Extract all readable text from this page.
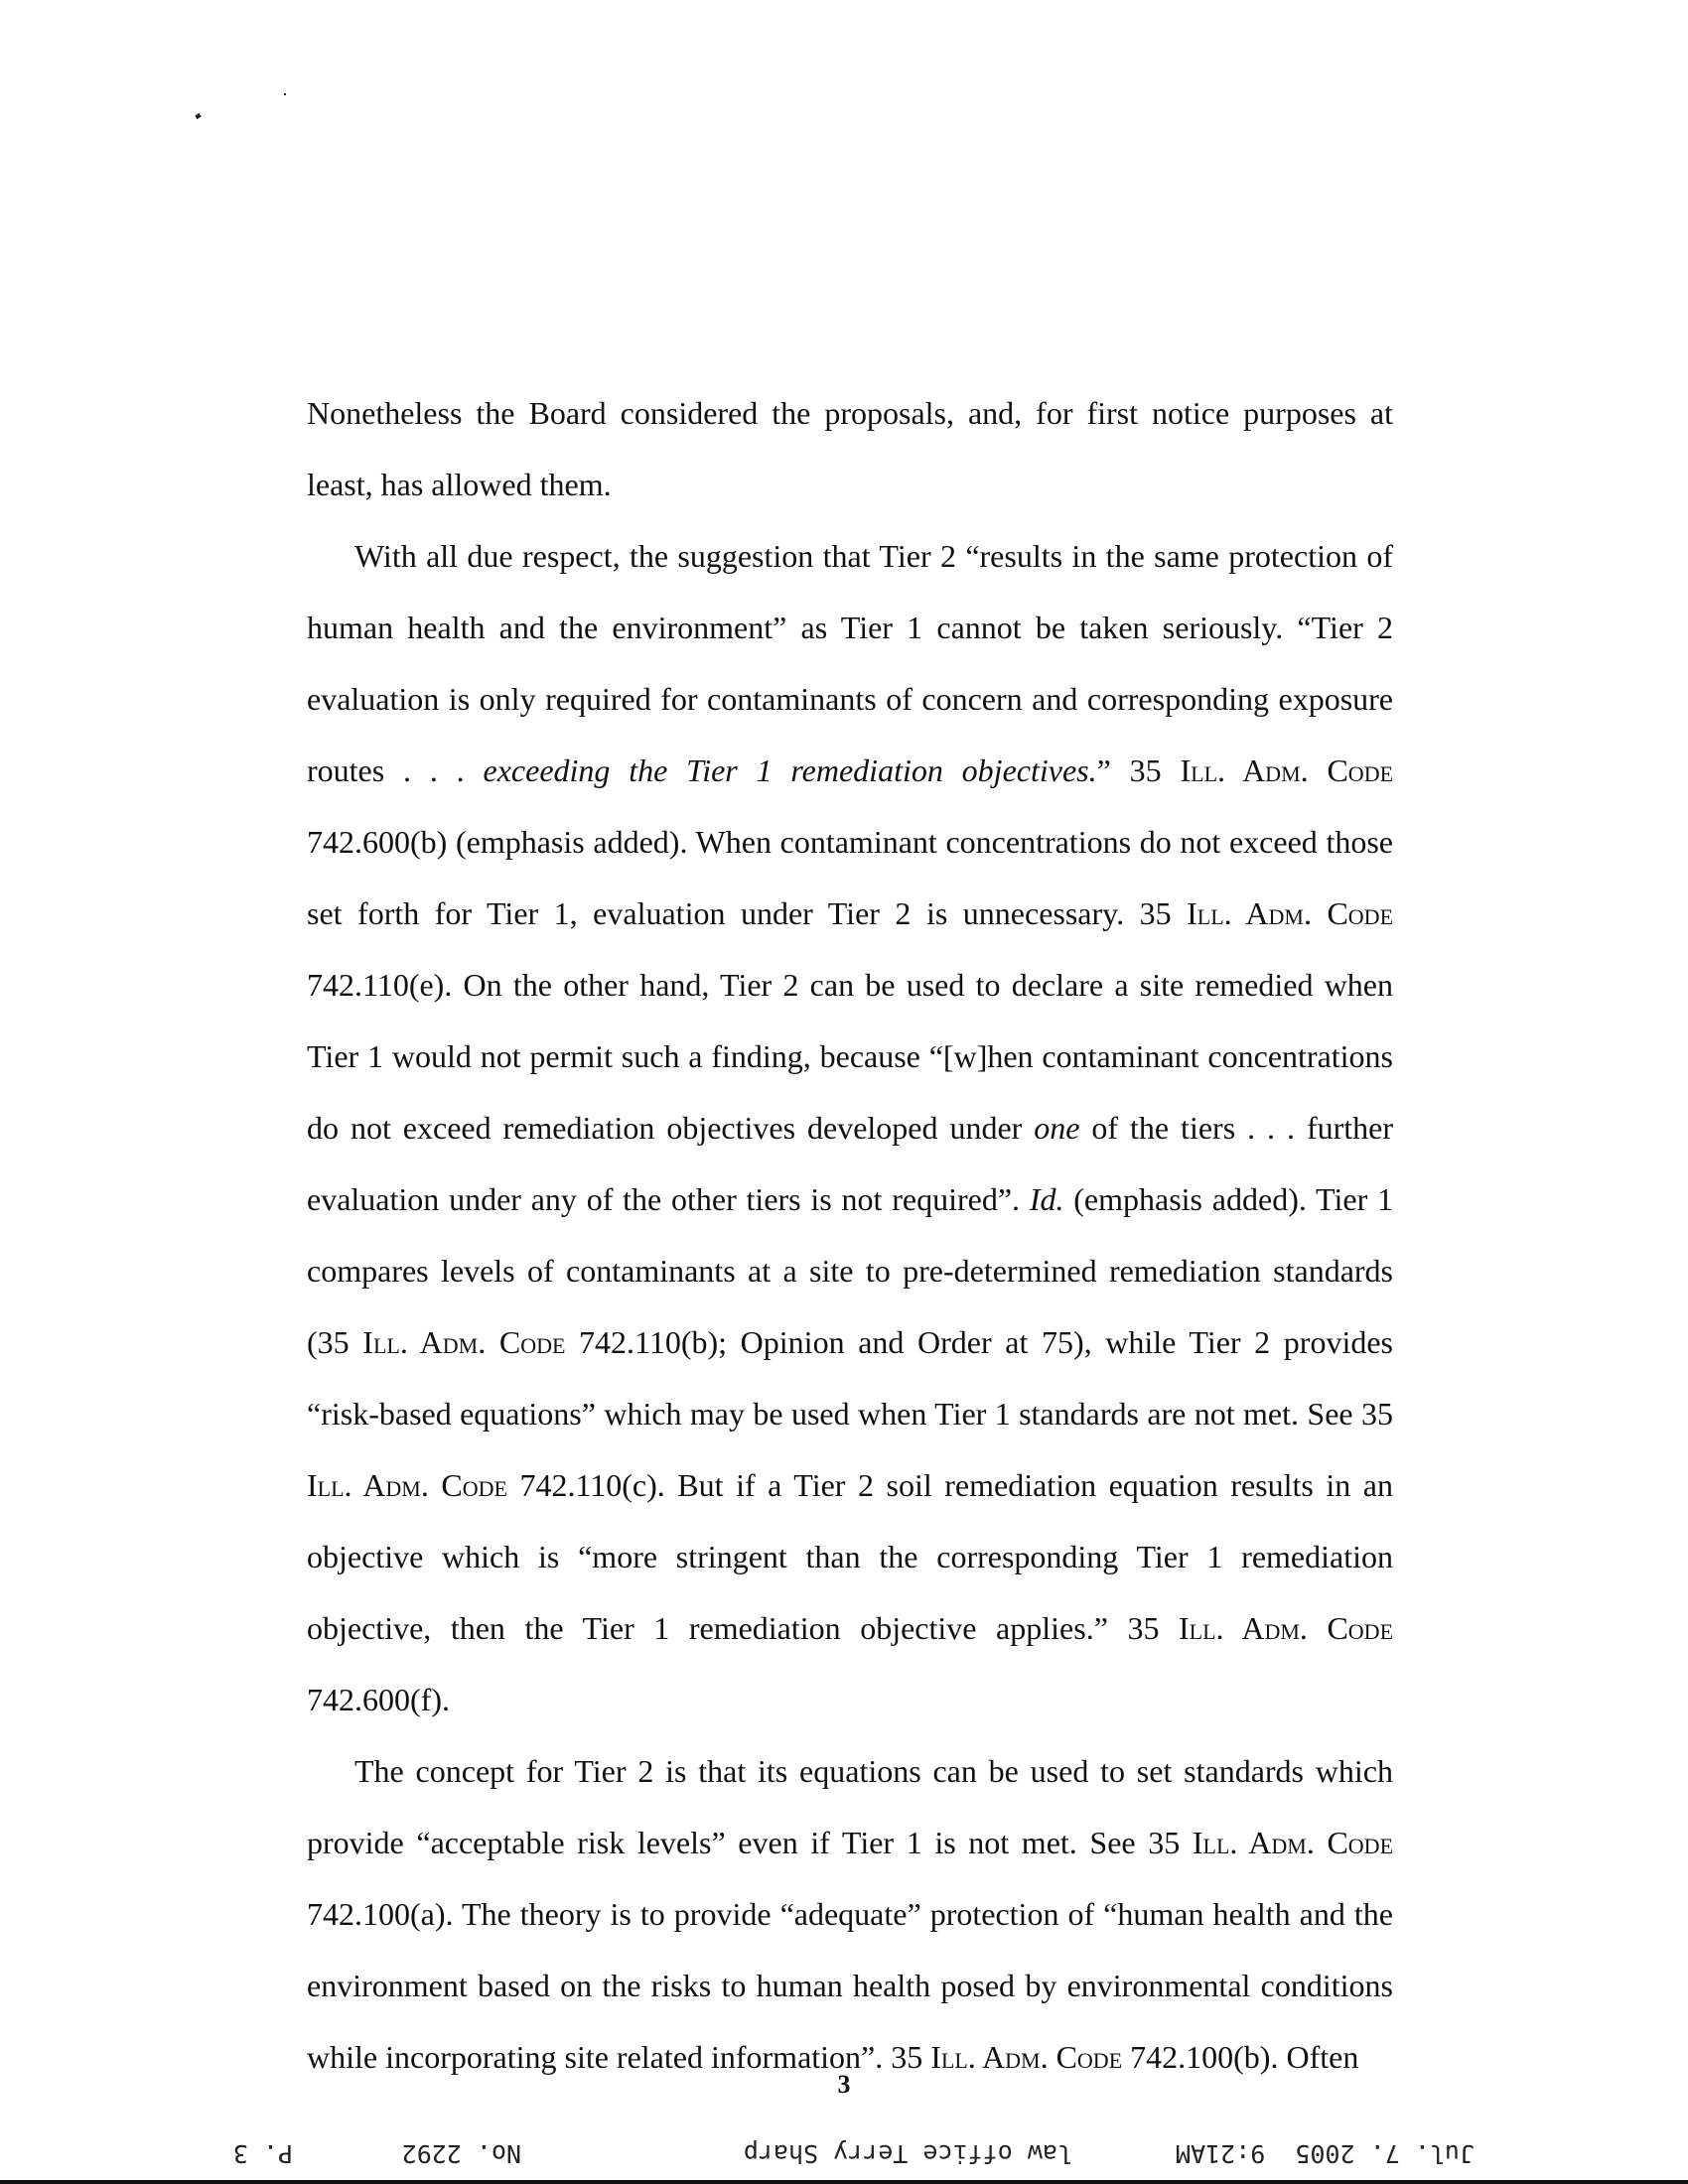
Nonetheless the Board considered the proposals, and, for first notice purposes at least, has allowed them.

With all due respect, the suggestion that Tier 2 “results in the same protection of human health and the environment” as Tier 1 cannot be taken seriously. “Tier 2 evaluation is only required for contaminants of concern and corresponding exposure routes . . . exceeding the Tier 1 remediation objectives.” 35 Ill. Adm. Code 742.600(b) (emphasis added). When contaminant concentrations do not exceed those set forth for Tier 1, evaluation under Tier 2 is unnecessary. 35 Ill. Adm. Code 742.110(e). On the other hand, Tier 2 can be used to declare a site remedied when Tier 1 would not permit such a finding, because “[w]hen contaminant concentrations do not exceed remediation objectives developed under one of the tiers . . . further evaluation under any of the other tiers is not required”. Id. (emphasis added). Tier 1 compares levels of contaminants at a site to pre-determined remediation standards (35 Ill. Adm. Code 742.110(b); Opinion and Order at 75), while Tier 2 provides “risk-based equations” which may be used when Tier 1 standards are not met. See 35 Ill. Adm. Code 742.110(c). But if a Tier 2 soil remediation equation results in an objective which is “more stringent than the corresponding Tier 1 remediation objective, then the Tier 1 remediation objective applies.” 35 Ill. Adm. Code 742.600(f).

The concept for Tier 2 is that its equations can be used to set standards which provide “acceptable risk levels” even if Tier 1 is not met. See 35 Ill. Adm. Code 742.100(a). The theory is to provide “adequate” protection of “human health and the environment based on the risks to human health posed by environmental conditions while incorporating site related information”. 35 Ill. Adm. Code 742.100(b). Often

3
Jul. 7. 2005  9:21AM
law office Terry Sharp
No. 2292
P. 3
